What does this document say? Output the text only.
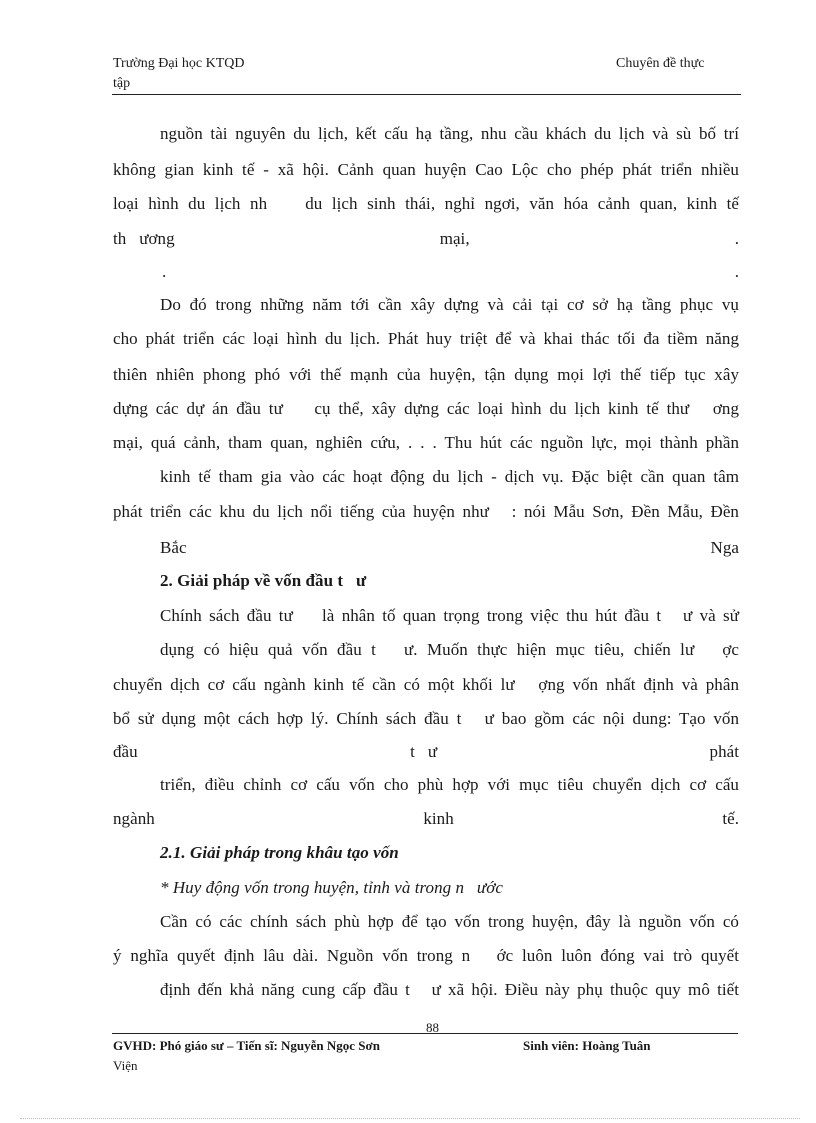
Trường Đại học KTQD
tập
Chuyên đề thực
nguồn tài nguyên du lịch, kết cấu hạ tầng, nhu cầu khách du lịch và sù bố trí
không gian kinh tế - xã hội. Cảnh quan huyện Cao Lộc cho phép phát triển nhiều
loại hình du lịch nh    du lịch sinh thái, nghỉ ngơi, văn hóa cảnh quan, kinh tế
th   ương	mại,	.
.	.
Do đó trong những năm tới cần xây dựng và cải tại cơ sở hạ tầng phục vụ
cho phát triển các loại hình du lịch. Phát huy triệt để và khai thác tối đa tiềm năng
thiên nhiên phong phó với thế mạnh của huyện, tận dụng mọi lợi thế tiếp tục xây
dựng các dự án đầu tư    cụ thể, xây dựng các loại hình du lịch kinh tế thư   ơng
mại, quá cảnh, tham quan, nghiên cứu, . . . Thu hút các nguồn lực, mọi thành phần
kinh tế tham gia vào các hoạt động du lịch - dịch vụ. Đặc biệt cần quan tâm
phát triển các khu du lịch nổi tiếng của huyện như   : nói Mẫu Sơn, Đền Mẫu, Đền
Bắc	Nga
2. Giải pháp về vốn đầu t   ư
Chính sách đầu tư    là nhân tố quan trọng trong việc thu hút đầu t   ư và sử
dụng có hiệu quả vốn đầu t   ư. Muốn thực hiện mục tiêu, chiến lư   ợc
chuyển dịch cơ cấu ngành kinh tế cần có một khối lư   ợng vốn nhất định và phân
bổ sử dụng một cách hợp lý. Chính sách đầu t   ư bao gồm các nội dung: Tạo vốn
đầu	t   ư	phát
triển, điều chỉnh cơ cấu vốn cho phù hợp với mục tiêu chuyển dịch cơ cấu
ngành	kinh	tế.
2.1. Giải pháp trong khâu tạo vốn
* Huy động vốn trong huyện, tỉnh và trong n   ước
Cần có các chính sách phù hợp để tạo vốn trong huyện, đây là nguồn vốn có
ý nghĩa quyết định lâu dài. Nguồn vốn trong n   ớc luôn luôn đóng vai trò quyết
định đến khả năng cung cấp đầu t   ư xã hội. Điều này phụ thuộc quy mô tiết
88
GVHD: Phó giáo sư – Tiến sĩ: Nguyễn Ngọc Sơn
Viện
Sinh viên: Hoàng Tuân
